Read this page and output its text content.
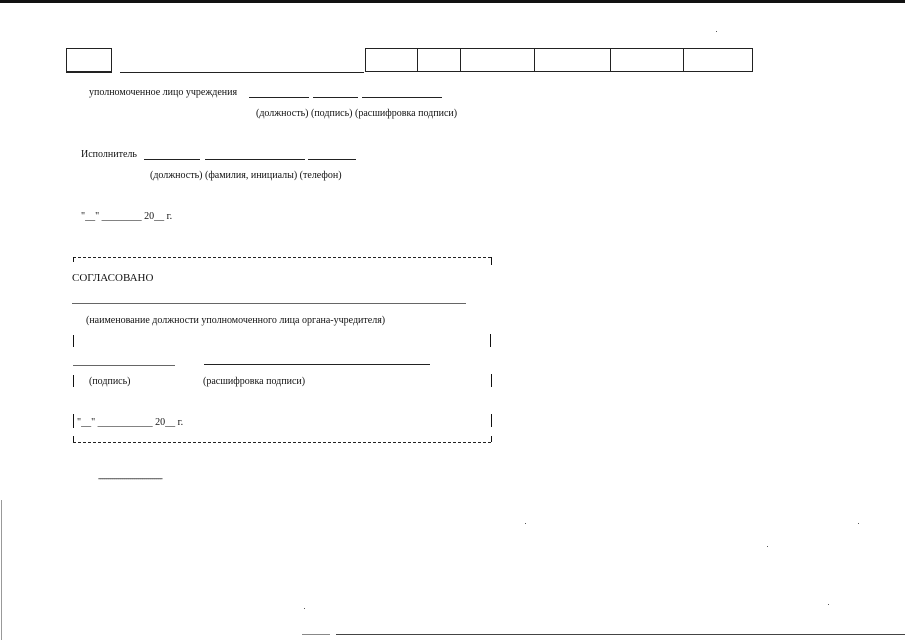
уполномоченное лицо учреждения
(должность) (подпись) (расшифровка подписи)
Исполнитель
(должность) (фамилия, инициалы) (телефон)
"__" ________ 20__ г.
СОГЛАСОВАНО
(наименование должности уполномоченного лица органа-учредителя)
(подпись)	(расшифровка подписи)
"__" ___________ 20__ г.
--------------------------------
